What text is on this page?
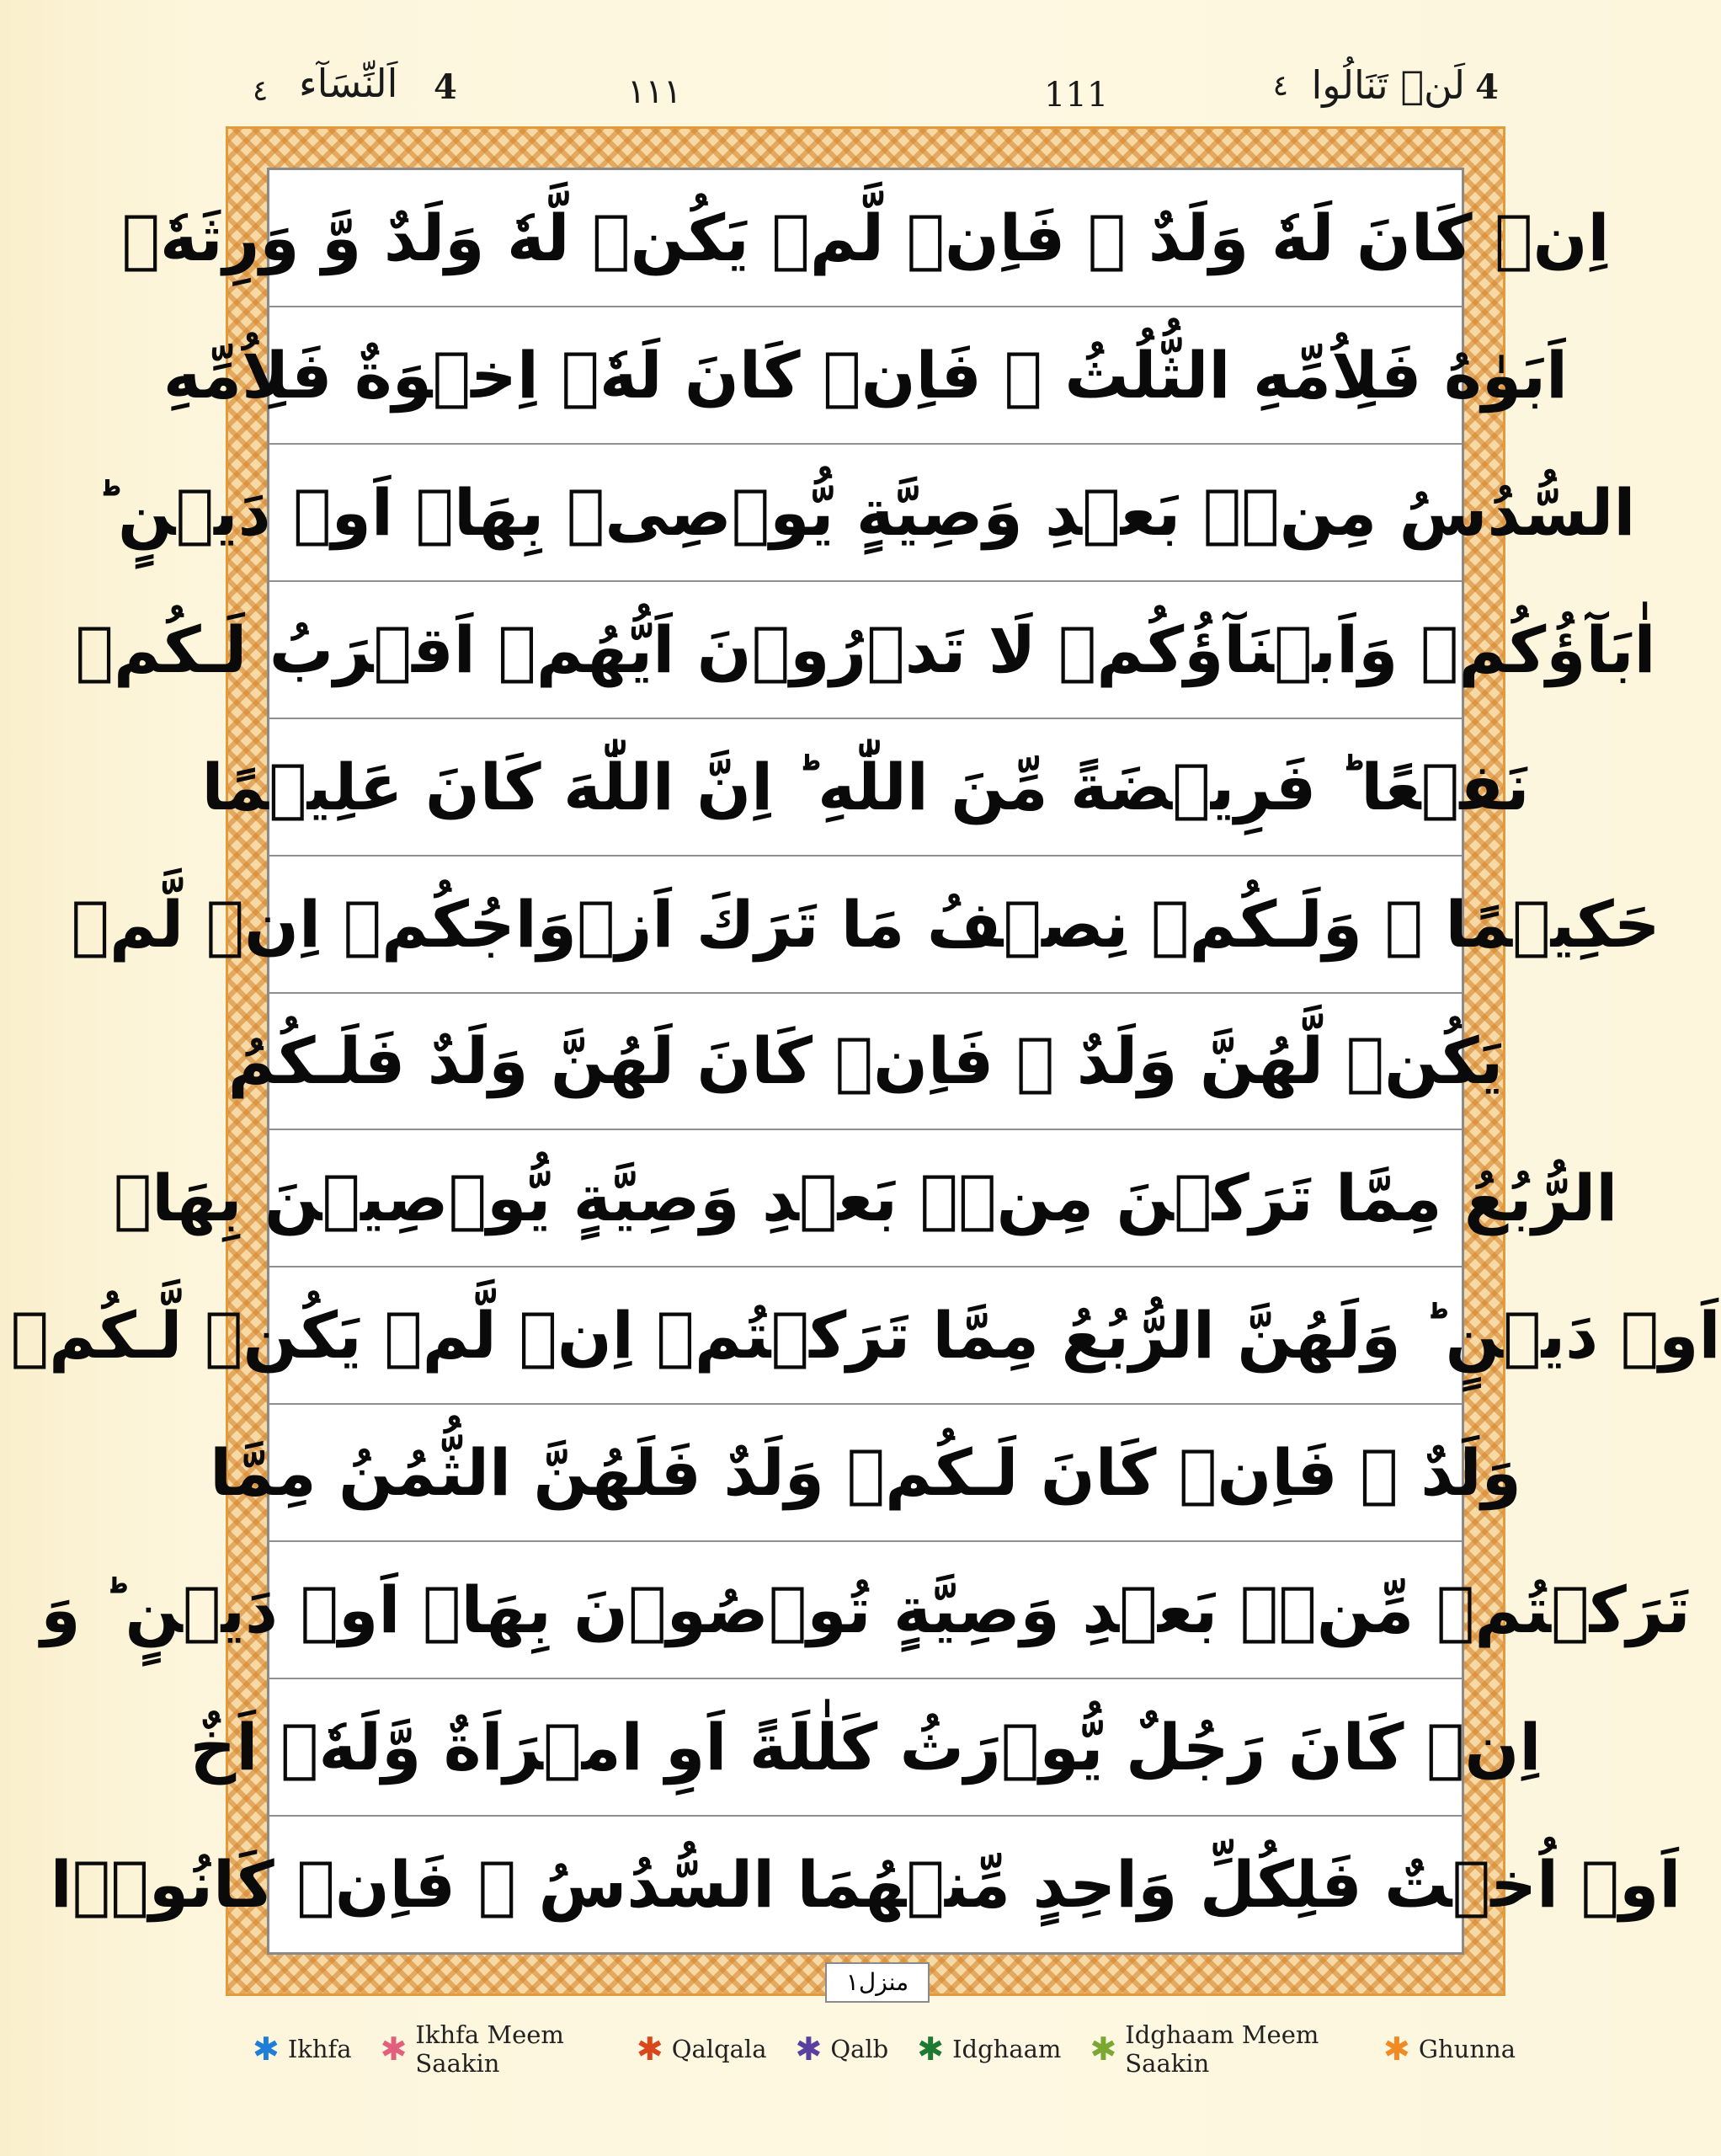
٤ اَلنِّسَآء 4	١١١	111	٤ لَنۡ تَنَالُوا 4
اِنۡ كَانَ لَهٗ وَلَدٌ ۚ فَاِنۡ لَّمۡ يَكُنۡ لَّهٗ وَلَدٌ وَّ وَرِثَهٗۤ
اَبَوٰهُ فَلِاُمِّهِ الثُّلُثُ ۚ فَاِنۡ كَانَ لَهٗۤ اِخۡوَةٌ فَلِاُمِّهِ
السُّدُسُ مِنۡۢ بَعۡدِ وَصِيَّةٍ يُّوۡصِىۡ بِهَاۤ اَوۡ دَيۡنٍ ؕ
اٰبَآؤُكُمۡ وَاَبۡنَآؤُكُمۡ لَا تَدۡرُوۡنَ اَيُّهُمۡ اَقۡرَبُ لَـكُمۡ
نَفۡعًا ؕ فَرِيۡضَةً مِّنَ اللّٰهِ ؕ اِنَّ اللّٰهَ كَانَ عَلِيۡمًا
حَكِيۡمًا ۞ وَلَـكُمۡ نِصۡفُ مَا تَرَكَ اَزۡوَاجُكُمۡ اِنۡ لَّمۡ
يَكُنۡ لَّهُنَّ وَلَدٌ ۚ فَاِنۡ كَانَ لَهُنَّ وَلَدٌ فَلَـكُمُ
الرُّبُعُ مِمَّا تَرَكۡنَ مِنۡۢ بَعۡدِ وَصِيَّةٍ يُّوۡصِيۡنَ بِهَاۤ
اَوۡ دَيۡنٍ ؕ وَلَهُنَّ الرُّبُعُ مِمَّا تَرَكۡتُمۡ اِنۡ لَّمۡ يَكُنۡ لَّـكُمۡ
وَلَدٌ ۚ فَاِنۡ كَانَ لَـكُمۡ وَلَدٌ فَلَهُنَّ الثُّمُنُ مِمَّا
تَرَكۡتُمۡ مِّنۡۢ بَعۡدِ وَصِيَّةٍ تُوۡصُوۡنَ بِهَاۤ اَوۡ دَيۡنٍ ؕ وَ
اِنۡ كَانَ رَجُلٌ يُّوۡرَثُ كَلٰلَةً اَوِ امۡرَاَةٌ وَّلَهٗۤ اَخٌ
اَوۡ اُخۡتٌ فَلِكُلِّ وَاحِدٍ مِّنۡهُمَا السُّدُسُ ۚ فَاِنۡ كَانُوۡۤا
منزل١
✱ Ikhfa ✱ Ikhfa Meem Saakin	✱ Qalqala ✱ Qalb ✱ Idghaam ✱ Idghaam Meem Saakin	✱ Ghunna
